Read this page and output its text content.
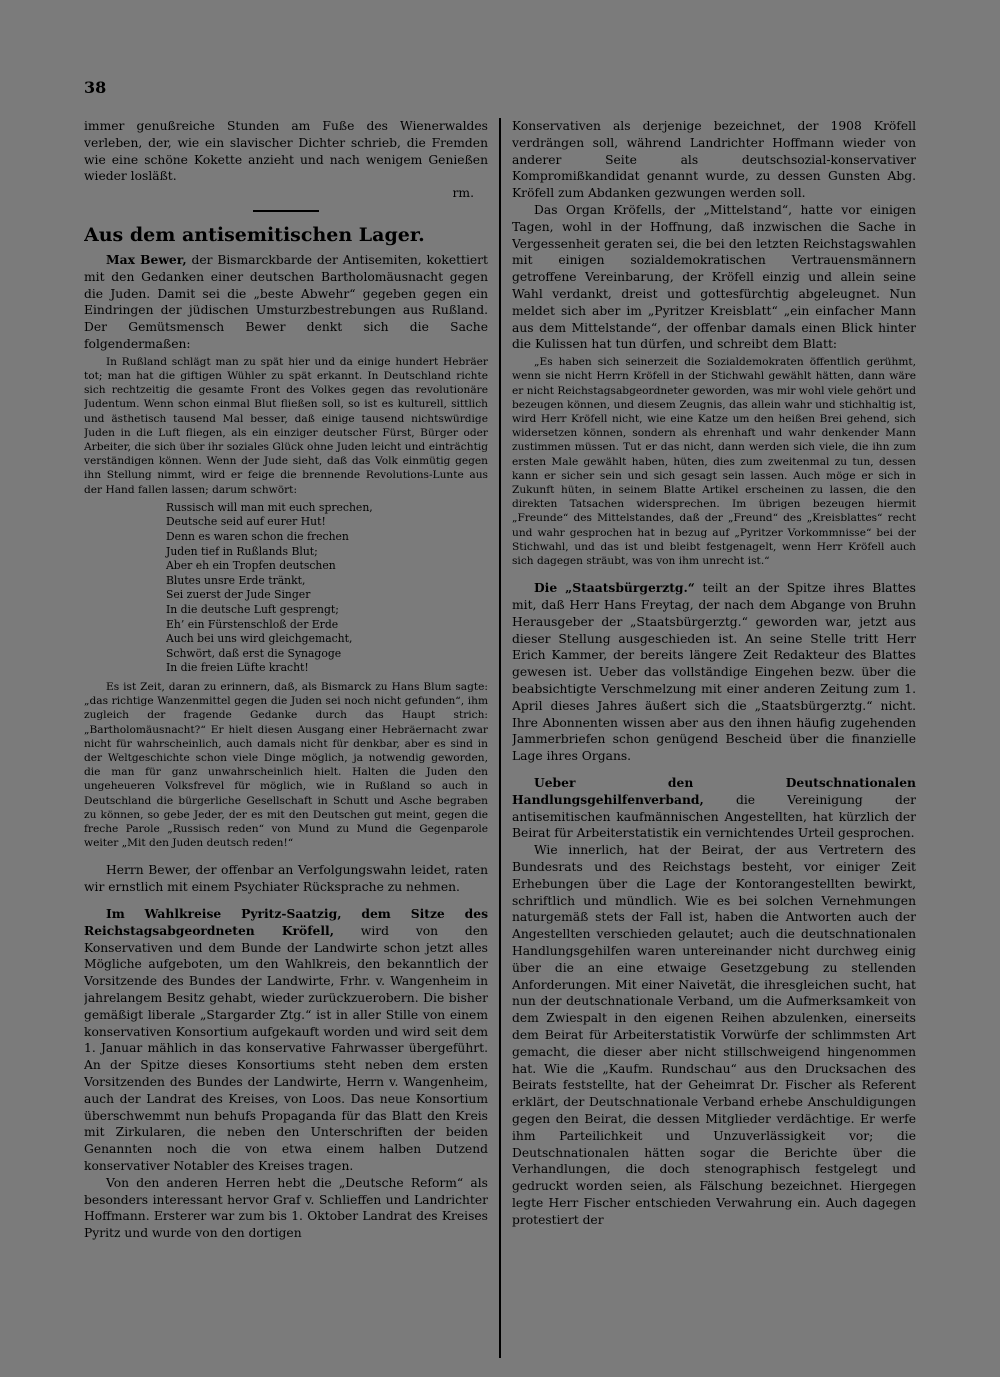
38

immer genußreiche Stunden am Fuße des Wienerwaldes verleben, der, wie ein slavischer Dichter schrieb, die Fremden wie eine schöne Kokette anzieht und nach wenigem Genießen wieder losläßt.

rm.

Aus dem antisemitischen Lager.

Max Bewer, der Bismarckbarde der Antisemiten, kokettiert mit den Gedanken einer deutschen Bartholomäusnacht gegen die Juden. Damit sei die „beste Abwehr“ gegeben gegen ein Eindringen der jüdischen Umsturzbestrebungen aus Rußland. Der Gemütsmensch Bewer denkt sich die Sache folgendermaßen:

In Rußland schlägt man zu spät hier und da einige hundert Hebräer tot; man hat die giftigen Wühler zu spät erkannt. In Deutschland richte sich rechtzeitig die gesamte Front des Volkes gegen das revolutionäre Judentum. Wenn schon einmal Blut fließen soll, so ist es kulturell, sittlich und ästhetisch tausend Mal besser, daß einige tausend nichtswürdige Juden in die Luft fliegen, als ein einziger deutscher Fürst, Bürger oder Arbeiter, die sich über ihr soziales Glück ohne Juden leicht und einträchtig verständigen können. Wenn der Jude sieht, daß das Volk einmütig gegen ihn Stellung nimmt, wird er feige die brennende Revolutions-Lunte aus der Hand fallen lassen; darum schwört:

Russisch will man mit euch sprechen,
Deutsche seid auf eurer Hut!
Denn es waren schon die frechen
Juden tief in Rußlands Blut;
Aber eh ein Tropfen deutschen
Blutes unsre Erde tränkt,
Sei zuerst der Jude Singer
In die deutsche Luft gesprengt;
Eh’ ein Fürstenschloß der Erde
Auch bei uns wird gleichgemacht,
Schwört, daß erst die Synagoge
In die freien Lüfte kracht!

Es ist Zeit, daran zu erinnern, daß, als Bismarck zu Hans Blum sagte: „das richtige Wanzenmittel gegen die Juden sei noch nicht gefunden“, ihm zugleich der fragende Gedanke durch das Haupt strich: „Bartholomäusnacht?“ Er hielt diesen Ausgang einer Hebräernacht zwar nicht für wahrscheinlich, auch damals nicht für denkbar, aber es sind in der Weltgeschichte schon viele Dinge möglich, ja notwendig geworden, die man für ganz unwahrscheinlich hielt. Halten die Juden den ungeheueren Volksfrevel für möglich, wie in Rußland so auch in Deutschland die bürgerliche Gesellschaft in Schutt und Asche begraben zu können, so gebe Jeder, der es mit den Deutschen gut meint, gegen die freche Parole „Russisch reden“ von Mund zu Mund die Gegenparole weiter „Mit den Juden deutsch reden!“

Herrn Bewer, der offenbar an Verfolgungswahn leidet, raten wir ernstlich mit einem Psychiater Rücksprache zu nehmen.

Im Wahlkreise Pyritz-Saatzig, dem Sitze des Reichstagsabgeordneten Kröfell, wird von den Konservativen und dem Bunde der Landwirte schon jetzt alles Mögliche aufgeboten, um den Wahlkreis, den bekanntlich der Vorsitzende des Bundes der Landwirte, Frhr. v. Wangenheim in jahrelangem Besitz gehabt, wieder zurückzuerobern. Die bisher gemäßigt liberale „Stargarder Ztg.“ ist in aller Stille von einem konservativen Konsortium aufgekauft worden und wird seit dem 1. Januar mählich in das konservative Fahrwasser übergeführt. An der Spitze dieses Konsortiums steht neben dem ersten Vorsitzenden des Bundes der Landwirte, Herrn v. Wangenheim, auch der Landrat des Kreises, von Loos. Das neue Konsortium überschwemmt nun behufs Propaganda für das Blatt den Kreis mit Zirkularen, die neben den Unterschriften der beiden Genannten noch die von etwa einem halben Dutzend konservativer Notabler des Kreises tragen.

Von den anderen Herren hebt die „Deutsche Reform“ als besonders interessant hervor Graf v. Schlieffen und Landrichter Hoffmann. Ersterer war zum bis 1. Oktober Landrat des Kreises Pyritz und wurde von den dortigen

Konservativen als derjenige bezeichnet, der 1908 Kröfell verdrängen soll, während Landrichter Hoffmann wieder von anderer Seite als deutschsozial-konservativer Kompromißkandidat genannt wurde, zu dessen Gunsten Abg. Kröfell zum Abdanken gezwungen werden soll.

Das Organ Kröfells, der „Mittelstand“, hatte vor einigen Tagen, wohl in der Hoffnung, daß inzwischen die Sache in Vergessenheit geraten sei, die bei den letzten Reichstagswahlen mit einigen sozialdemokratischen Vertrauensmännern getroffene Vereinbarung, der Kröfell einzig und allein seine Wahl verdankt, dreist und gottesfürchtig abgeleugnet. Nun meldet sich aber im „Pyritzer Kreisblatt“ „ein einfacher Mann aus dem Mittelstande“, der offenbar damals einen Blick hinter die Kulissen hat tun dürfen, und schreibt dem Blatt:

„Es haben sich seinerzeit die Sozialdemokraten öffentlich gerühmt, wenn sie nicht Herrn Kröfell in der Stichwahl gewählt hätten, dann wäre er nicht Reichstagsabgeordneter geworden, was mir wohl viele gehört und bezeugen können, und diesem Zeugnis, das allein wahr und stichhaltig ist, wird Herr Kröfell nicht, wie eine Katze um den heißen Brei gehend, sich widersetzen können, sondern als ehrenhaft und wahr denkender Mann zustimmen müssen. Tut er das nicht, dann werden sich viele, die ihn zum ersten Male gewählt haben, hüten, dies zum zweitenmal zu tun, dessen kann er sicher sein und sich gesagt sein lassen. Auch möge er sich in Zukunft hüten, in seinem Blatte Artikel erscheinen zu lassen, die den direkten Tatsachen widersprechen. Im übrigen bezeugen hiermit „Freunde“ des Mittelstandes, daß der „Freund“ des „Kreisblattes“ recht und wahr gesprochen hat in bezug auf „Pyritzer Vorkommnisse“ bei der Stichwahl, und das ist und bleibt festgenagelt, wenn Herr Kröfell auch sich dagegen sträubt, was von ihm unrecht ist.“

Die „Staatsbürgerztg.“ teilt an der Spitze ihres Blattes mit, daß Herr Hans Freytag, der nach dem Abgange von Bruhn Herausgeber der „Staatsbürgerztg.“ geworden war, jetzt aus dieser Stellung ausgeschieden ist. An seine Stelle tritt Herr Erich Kammer, der bereits längere Zeit Redakteur des Blattes gewesen ist. Ueber das vollständige Eingehen bezw. über die beabsichtigte Verschmelzung mit einer anderen Zeitung zum 1. April dieses Jahres äußert sich die „Staatsbürgerztg.“ nicht. Ihre Abonnenten wissen aber aus den ihnen häufig zugehenden Jammerbriefen schon genügend Bescheid über die finanzielle Lage ihres Organs.

Ueber den Deutschnationalen Handlungsgehilfenverband, die Vereinigung der antisemitischen kaufmännischen Angestellten, hat kürzlich der Beirat für Arbeiterstatistik ein vernichtendes Urteil gesprochen.

Wie innerlich, hat der Beirat, der aus Vertretern des Bundesrats und des Reichstags besteht, vor einiger Zeit Erhebungen über die Lage der Kontorangestellten bewirkt, schriftlich und mündlich. Wie es bei solchen Vernehmungen naturgemäß stets der Fall ist, haben die Antworten auch der Angestellten verschieden gelautet; auch die deutschnationalen Handlungsgehilfen waren untereinander nicht durchweg einig über die an eine etwaige Gesetzgebung zu stellenden Anforderungen. Mit einer Naivetät, die ihresgleichen sucht, hat nun der deutschnationale Verband, um die Aufmerksamkeit von dem Zwiespalt in den eigenen Reihen abzulenken, einerseits dem Beirat für Arbeiterstatistik Vorwürfe der schlimmsten Art gemacht, die dieser aber nicht stillschweigend hingenommen hat. Wie die „Kaufm. Rundschau“ aus den Drucksachen des Beirats feststellte, hat der Geheimrat Dr. Fischer als Referent erklärt, der Deutschnationale Verband erhebe Anschuldigungen gegen den Beirat, die dessen Mitglieder verdächtige. Er werfe ihm Parteilichkeit und Unzuverlässigkeit vor; die Deutschnationalen hätten sogar die Berichte über die Verhandlungen, die doch stenographisch festgelegt und gedruckt worden seien, als Fälschung bezeichnet. Hiergegen legte Herr Fischer entschieden Verwahrung ein. Auch dagegen protestiert der
